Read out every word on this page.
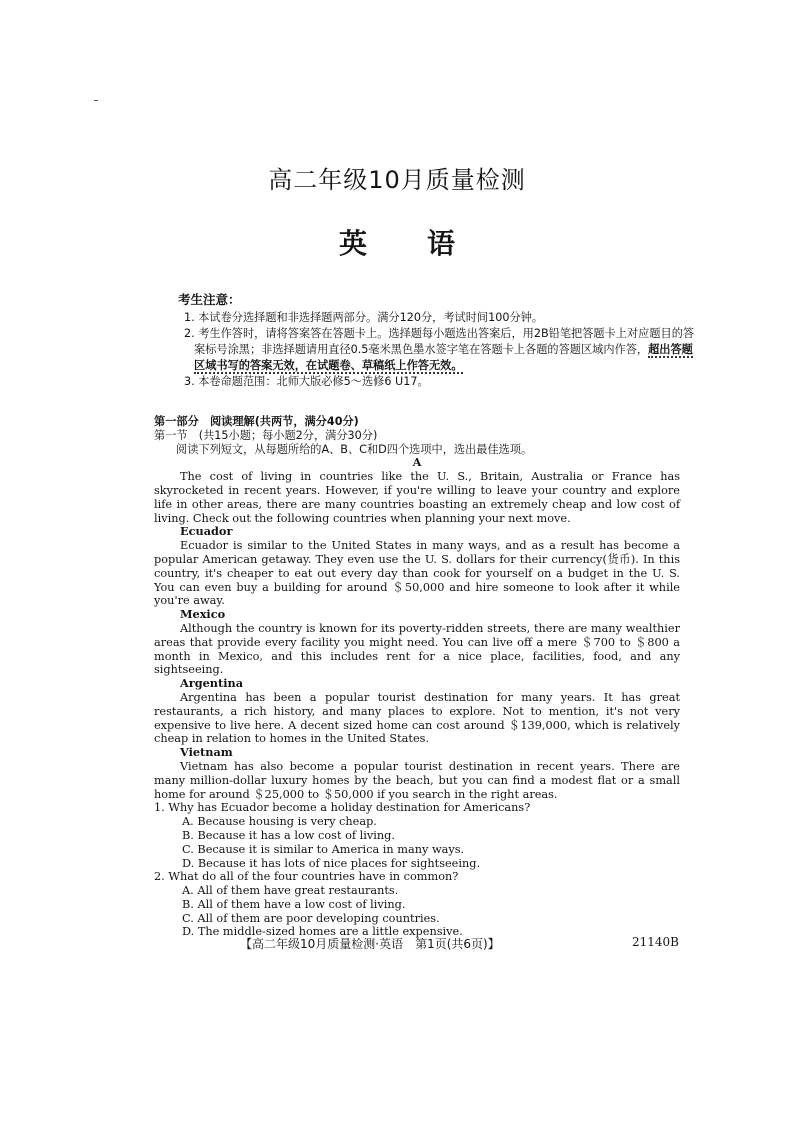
高二年级10月质量检测
英语
考生注意：
1. 本试卷分选择题和非选择题两部分。满分120分，考试时间100分钟。
2. 考生作答时，请将答案答在答题卡上。选择题每小题选出答案后，用2B铅笔把答题卡上对应题目的答案标号涂黑；非选择题请用直径0.5毫米黑色墨水签字笔在答题卡上各题的答题区域内作答，超出答题区域书写的答案无效，在试题卷、草稿纸上作答无效。
3. 本卷命题范围：北师大版必修5～选修6 U17。
第一部分　阅读理解(共两节，满分40分)
第一节　(共15小题；每小题2分，满分30分)
阅读下列短文，从每题所给的A、B、C和D四个选项中，选出最佳选项。
A

The cost of living in countries like the U. S., Britain, Australia or France has skyrocketed in recent years. However, if you're willing to leave your country and explore life in other areas, there are many countries boasting an extremely cheap and low cost of living. Check out the following countries when planning your next move.

Ecuador

Ecuador is similar to the United States in many ways, and as a result has become a popular American getaway. They even use the U. S. dollars for their currency(货币). In this country, it's cheaper to eat out every day than cook for yourself on a budget in the U. S. You can even buy a building for around ＄50,000 and hire someone to look after it while you're away.

Mexico

Although the country is known for its poverty-ridden streets, there are many wealthier areas that provide every facility you might need. You can live off a mere ＄700 to ＄800 a month in Mexico, and this includes rent for a nice place, facilities, food, and any sightseeing.

Argentina

Argentina has been a popular tourist destination for many years. It has great restaurants, a rich history, and many places to explore. Not to mention, it's not very expensive to live here. A decent sized home can cost around ＄139,000, which is relatively cheap in relation to homes in the United States.

Vietnam

Vietnam has also become a popular tourist destination in recent years. There are many million-dollar luxury homes by the beach, but you can find a modest flat or a small home for around ＄25,000 to ＄50,000 if you search in the right areas.

1. Why has Ecuador become a holiday destination for Americans?
A. Because housing is very cheap.
B. Because it has a low cost of living.
C. Because it is similar to America in many ways.
D. Because it has lots of nice places for sightseeing.
2. What do all of the four countries have in common?
A. All of them have great restaurants.
B. All of them have a low cost of living.
C. All of them are poor developing countries.
D. The middle-sized homes are a little expensive.
【高二年级10月质量检测·英语　第1页(共6页)】	21140B
